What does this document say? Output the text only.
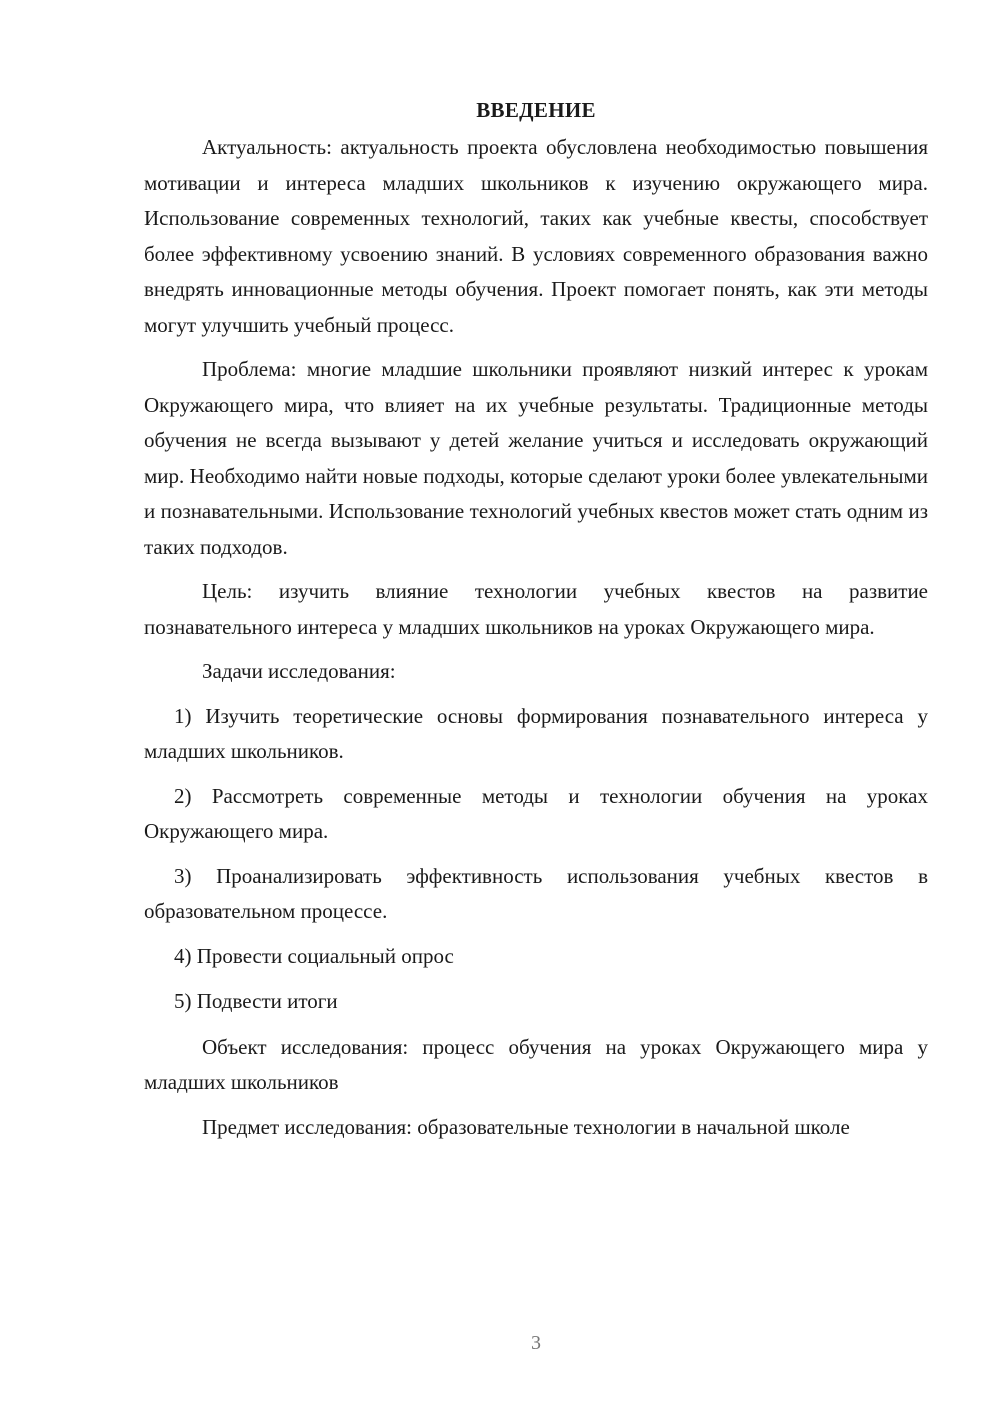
ВВЕДЕНИЕ

Актуальность: актуальность проекта обусловлена необходимостью повышения мотивации и интереса младших школьников к изучению окружающего мира. Использование современных технологий, таких как учебные квесты, способствует более эффективному усвоению знаний. В условиях современного образования важно внедрять инновационные методы обучения. Проект помогает понять, как эти методы могут улучшить учебный процесс.

Проблема: многие младшие школьники проявляют низкий интерес к урокам Окружающего мира, что влияет на их учебные результаты. Традиционные методы обучения не всегда вызывают у детей желание учиться и исследовать окружающий мир. Необходимо найти новые подходы, которые сделают уроки более увлекательными и познавательными. Использование технологий учебных квестов может стать одним из таких подходов.

Цель: изучить влияние технологии учебных квестов на развитие познавательного интереса у младших школьников на уроках Окружающего мира.

Задачи исследования:

1) Изучить теоретические основы формирования познавательного интереса у младших школьников.

2) Рассмотреть современные методы и технологии обучения на уроках Окружающего мира.

3) Проанализировать эффективность использования учебных квестов в образовательном процессе.

4) Провести социальный опрос

5) Подвести итоги

Объект исследования: процесс обучения на уроках Окружающего мира у младших школьников

Предмет исследования: образовательные технологии в начальной школе

3
